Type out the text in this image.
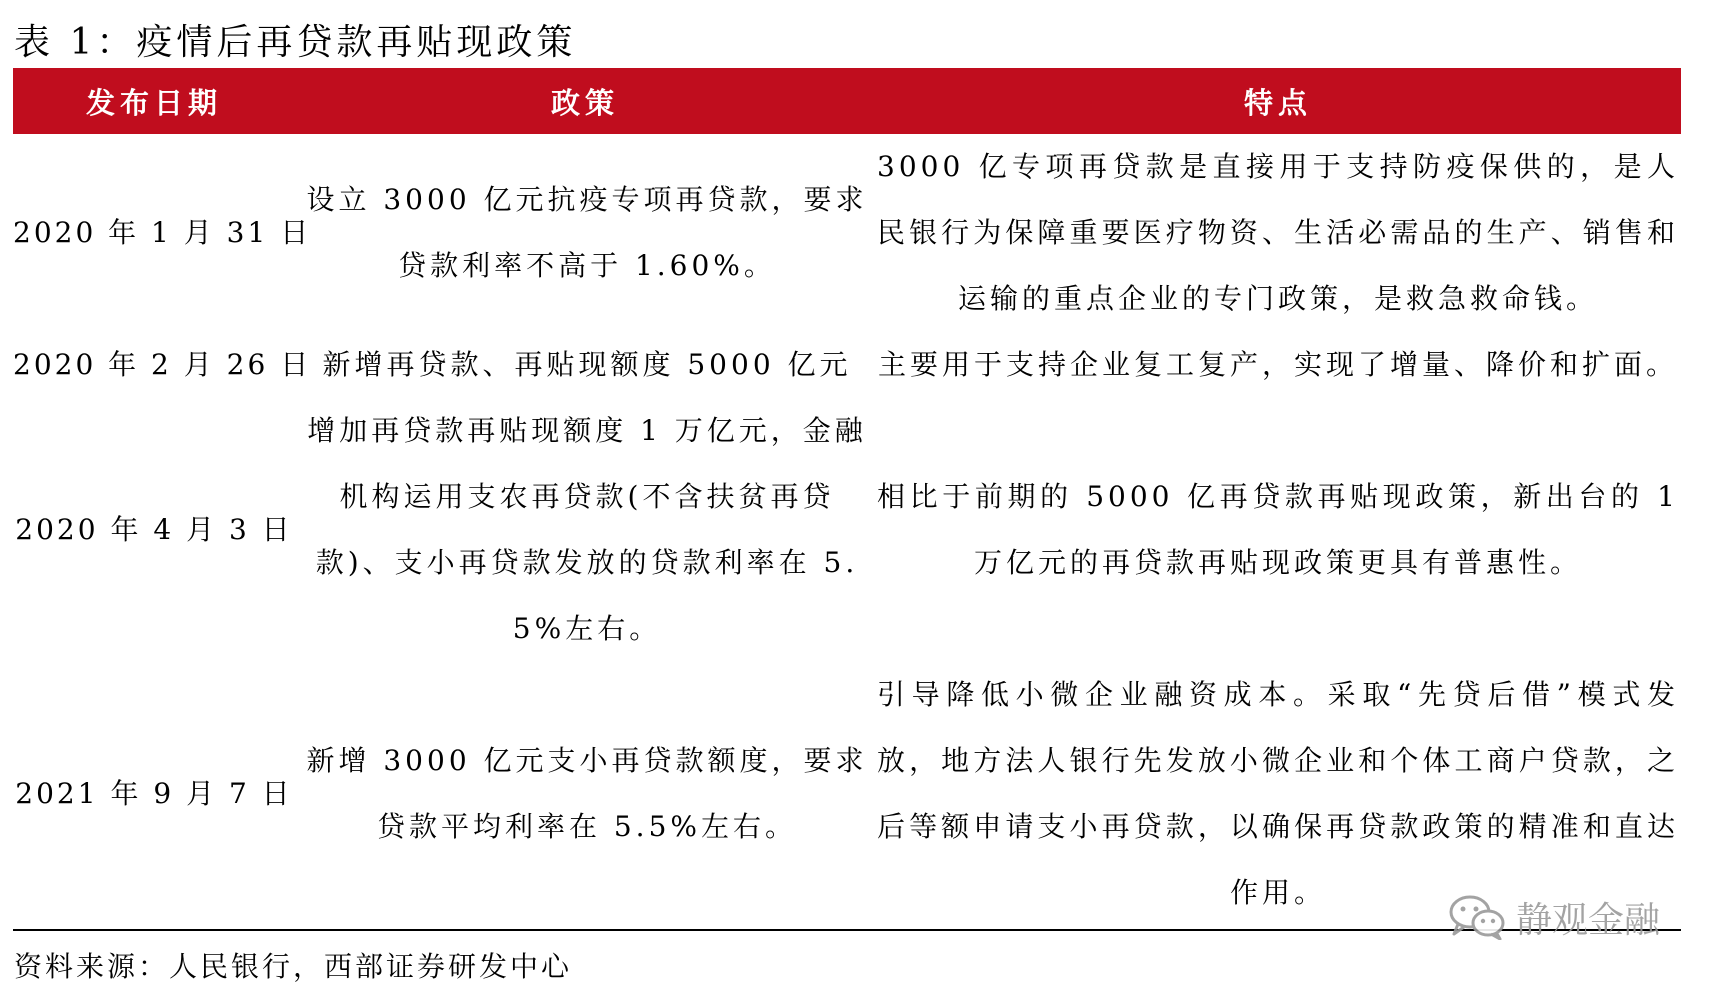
表 1：疫情后再贷款再贴现政策
发布日期	政策	特点
2020 年 1 月 31 日	设立 3000 亿元抗疫专项再贷款，要求贷款利率不高于 1.60%。	3000 亿专项再贷款是直接用于支持防疫保供的，是人民银行为保障重要医疗物资、生活必需品的生产、销售和运输的重点企业的专门政策，是救急救命钱。
2020 年 2 月 26 日	新增再贷款、再贴现额度 5000 亿元	主要用于支持企业复工复产，实现了增量、降价和扩面。
2020 年 4 月 3 日	增加再贷款再贴现额度 1 万亿元，金融机构运用支农再贷款(不含扶贫再贷款)、支小再贷款发放的贷款利率在 5.5%左右。	相比于前期的 5000 亿再贷款再贴现政策，新出台的 1 万亿元的再贷款再贴现政策更具有普惠性。
2021 年 9 月 7 日	新增 3000 亿元支小再贷款额度，要求贷款平均利率在 5.5%左右。	引导降低小微企业融资成本。采取“先贷后借”模式发放，地方法人银行先发放小微企业和个体工商户贷款，之后等额申请支小再贷款，以确保再贷款政策的精准和直达作用。
资料来源：人民银行，西部证券研发中心
静观金融
